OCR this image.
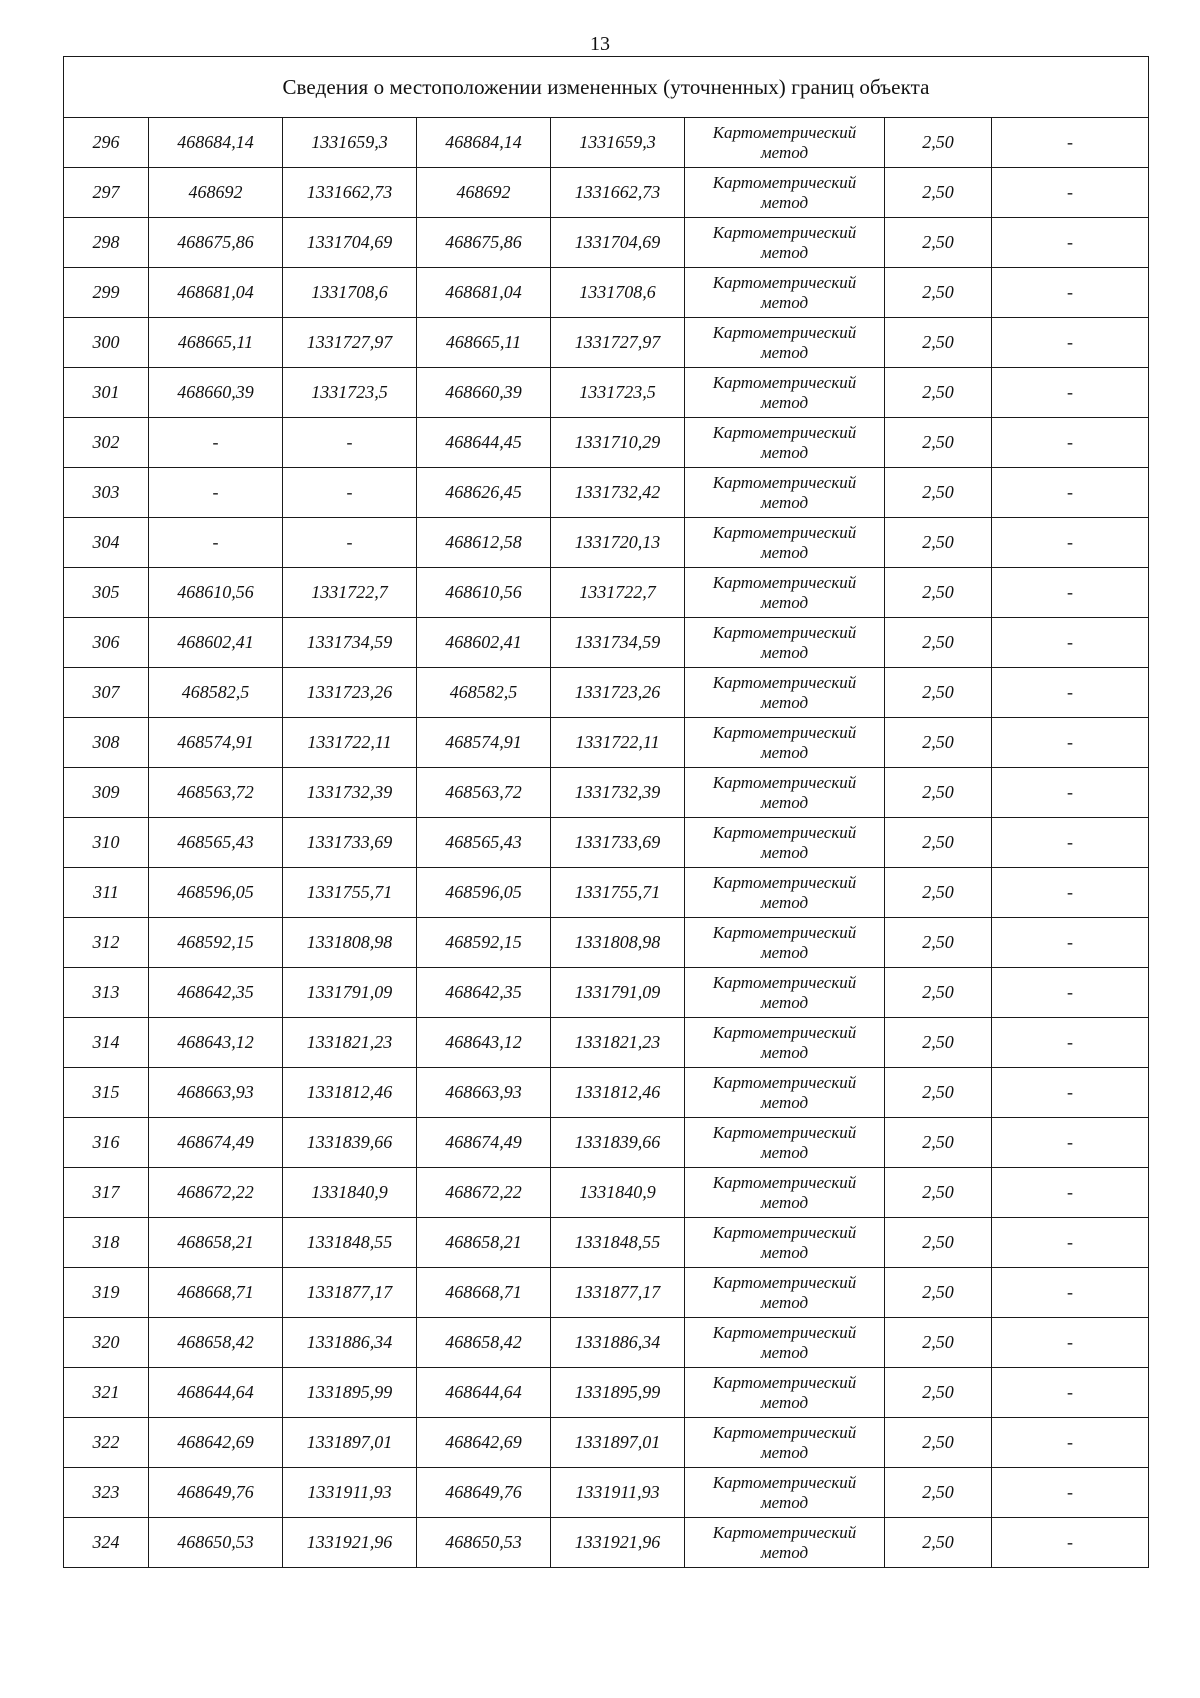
13
Сведения о местоположении измененных (уточненных) границ объекта							
296	468684,14	1331659,3	468684,14	1331659,3	Картометрический метод	2,50	-
297	468692	1331662,73	468692	1331662,73	Картометрический метод	2,50	-
298	468675,86	1331704,69	468675,86	1331704,69	Картометрический метод	2,50	-
299	468681,04	1331708,6	468681,04	1331708,6	Картометрический метод	2,50	-
300	468665,11	1331727,97	468665,11	1331727,97	Картометрический метод	2,50	-
301	468660,39	1331723,5	468660,39	1331723,5	Картометрический метод	2,50	-
302	-	-	468644,45	1331710,29	Картометрический метод	2,50	-
303	-	-	468626,45	1331732,42	Картометрический метод	2,50	-
304	-	-	468612,58	1331720,13	Картометрический метод	2,50	-
305	468610,56	1331722,7	468610,56	1331722,7	Картометрический метод	2,50	-
306	468602,41	1331734,59	468602,41	1331734,59	Картометрический метод	2,50	-
307	468582,5	1331723,26	468582,5	1331723,26	Картометрический метод	2,50	-
308	468574,91	1331722,11	468574,91	1331722,11	Картометрический метод	2,50	-
309	468563,72	1331732,39	468563,72	1331732,39	Картометрический метод	2,50	-
310	468565,43	1331733,69	468565,43	1331733,69	Картометрический метод	2,50	-
311	468596,05	1331755,71	468596,05	1331755,71	Картометрический метод	2,50	-
312	468592,15	1331808,98	468592,15	1331808,98	Картометрический метод	2,50	-
313	468642,35	1331791,09	468642,35	1331791,09	Картометрический метод	2,50	-
314	468643,12	1331821,23	468643,12	1331821,23	Картометрический метод	2,50	-
315	468663,93	1331812,46	468663,93	1331812,46	Картометрический метод	2,50	-
316	468674,49	1331839,66	468674,49	1331839,66	Картометрический метод	2,50	-
317	468672,22	1331840,9	468672,22	1331840,9	Картометрический метод	2,50	-
318	468658,21	1331848,55	468658,21	1331848,55	Картометрический метод	2,50	-
319	468668,71	1331877,17	468668,71	1331877,17	Картометрический метод	2,50	-
320	468658,42	1331886,34	468658,42	1331886,34	Картометрический метод	2,50	-
321	468644,64	1331895,99	468644,64	1331895,99	Картометрический метод	2,50	-
322	468642,69	1331897,01	468642,69	1331897,01	Картометрический метод	2,50	-
323	468649,76	1331911,93	468649,76	1331911,93	Картометрический метод	2,50	-
324	468650,53	1331921,96	468650,53	1331921,96	Картометрический метод	2,50	-
